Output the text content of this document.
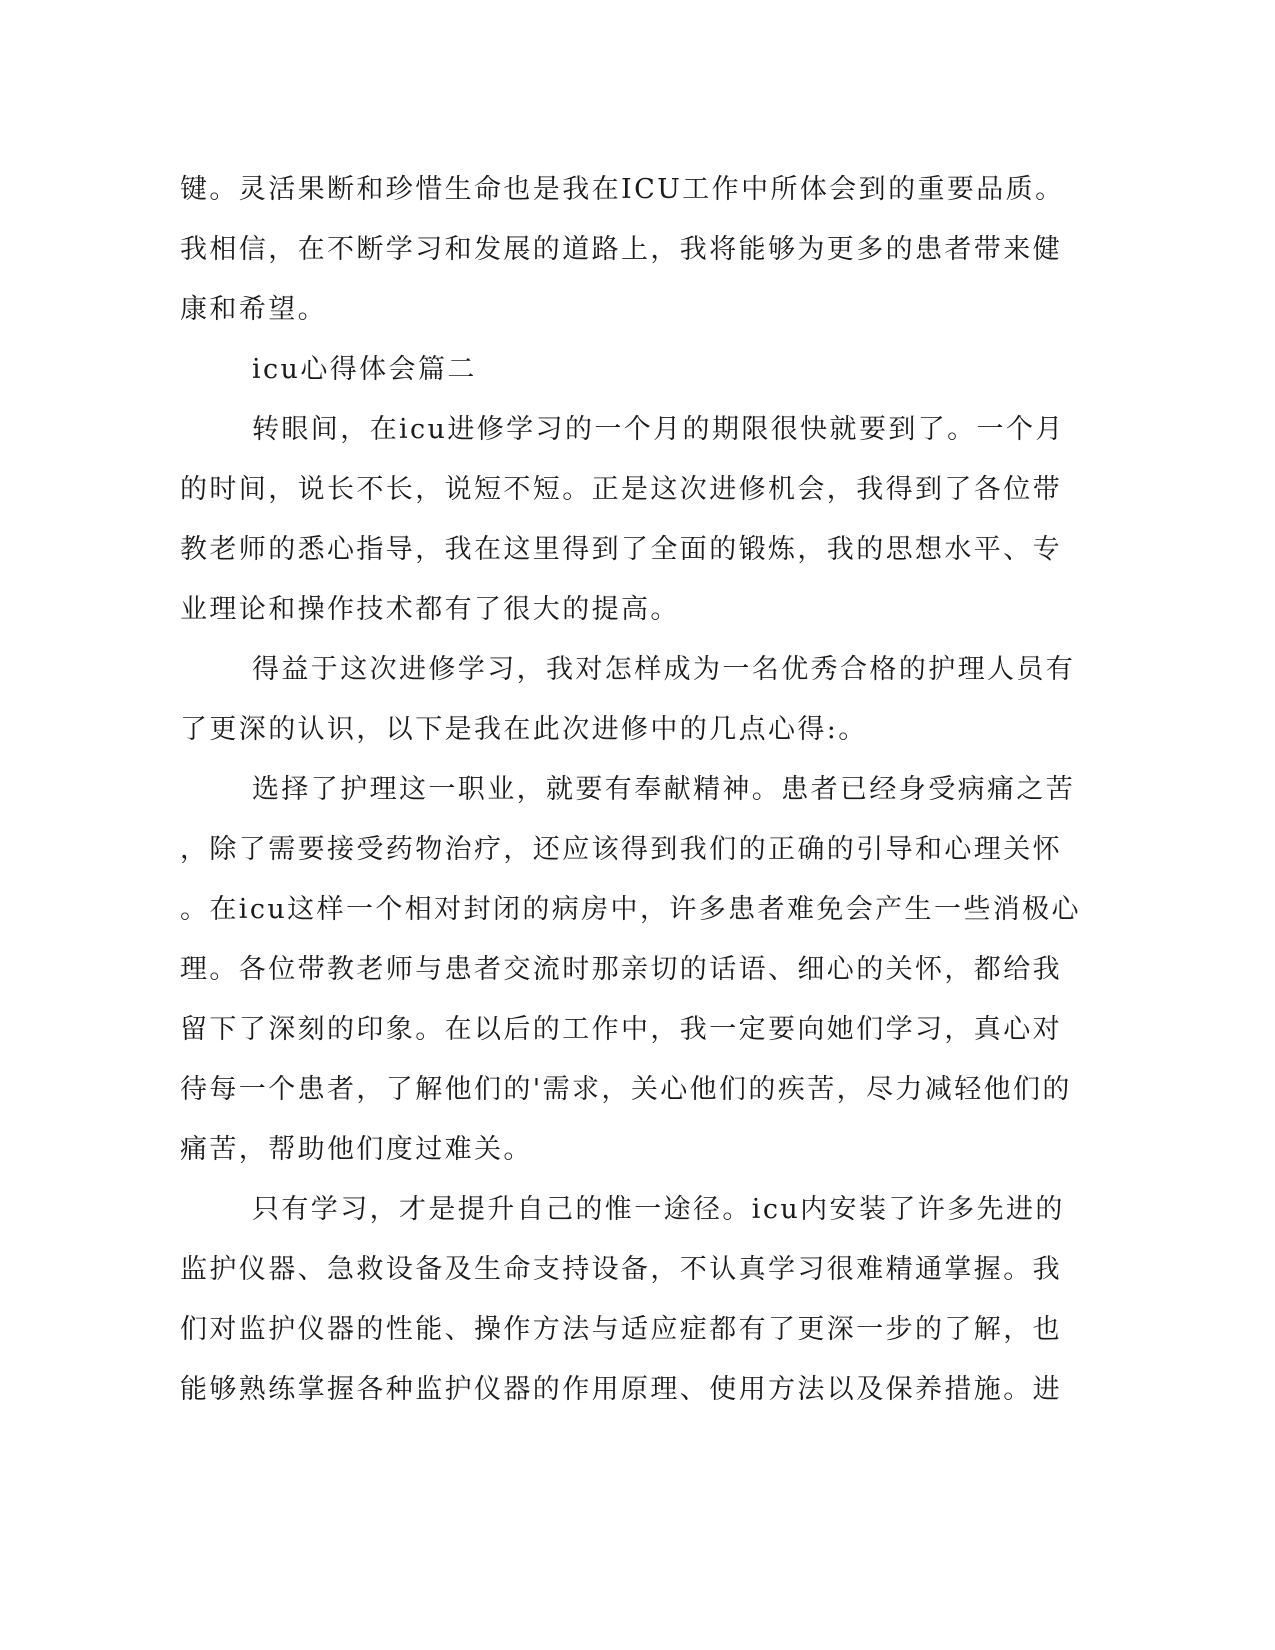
键。灵活果断和珍惜生命也是我在ICU工作中所体会到的重要品质。
我相信，在不断学习和发展的道路上，我将能够为更多的患者带来健
康和希望。
icu心得体会篇二
转眼间，在icu进修学习的一个月的期限很快就要到了。一个月
的时间，说长不长，说短不短。正是这次进修机会，我得到了各位带
教老师的悉心指导，我在这里得到了全面的锻炼，我的思想水平、专
业理论和操作技术都有了很大的提高。
得益于这次进修学习，我对怎样成为一名优秀合格的护理人员有
了更深的认识，以下是我在此次进修中的几点心得:。
选择了护理这一职业，就要有奉献精神。患者已经身受病痛之苦
，除了需要接受药物治疗，还应该得到我们的正确的引导和心理关怀
。在icu这样一个相对封闭的病房中，许多患者难免会产生一些消极心
理。各位带教老师与患者交流时那亲切的话语、细心的关怀，都给我
留下了深刻的印象。在以后的工作中，我一定要向她们学习，真心对
待每一个患者，了解他们的'需求，关心他们的疾苦，尽力减轻他们的
痛苦，帮助他们度过难关。
只有学习，才是提升自己的惟一途径。icu内安装了许多先进的
监护仪器、急救设备及生命支持设备，不认真学习很难精通掌握。我
们对监护仪器的性能、操作方法与适应症都有了更深一步的了解，也
能够熟练掌握各种监护仪器的作用原理、使用方法以及保养措施。进
